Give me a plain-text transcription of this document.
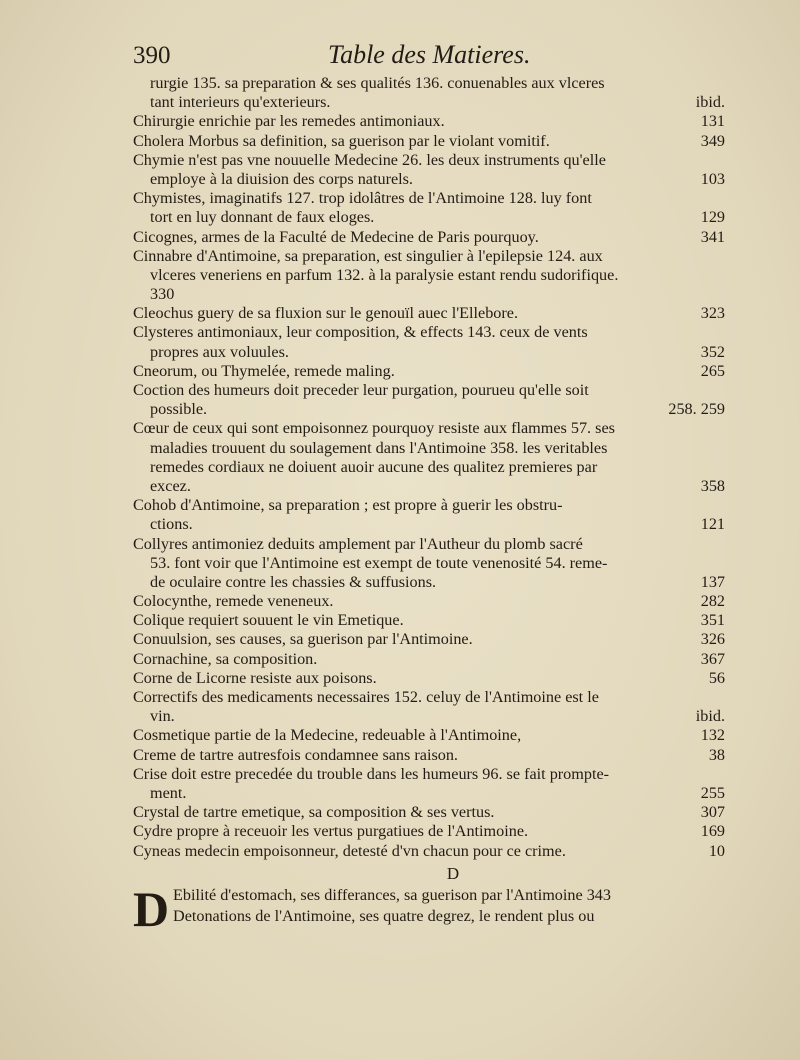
390	Table des Matieres.
rurgie 135. sa preparation & ses qualités 136. conuenables aux vlceres
tant interieurs qu'exterieurs.	ibid.
Chirurgie enrichie par les remedes antimoniaux.	131
Cholera Morbus sa definition, sa guerison par le violant vomitif.	349
Chymie n'est pas vne nouuelle Medecine 26. les deux instruments qu'elle
employe à la diuision des corps naturels.	103
Chymistes, imaginatifs 127. trop idolâtres de l'Antimoine 128. luy font
tort en luy donnant de faux eloges.	129
Cicognes, armes de la Faculté de Medecine de Paris pourquoy.	341
Cinnabre d'Antimoine, sa preparation, est singulier à l'epilepsie 124. aux
vlceres veneriens en parfum 132. à la paralysie estant rendu sudorifique.
330
Cleochus guery de sa fluxion sur le genouïl auec l'Ellebore.	323
Clysteres antimoniaux, leur composition, & effects 143. ceux de vents
propres aux voluules.	352
Cneorum, ou Thymelée, remede maling.	265
Coction des humeurs doit preceder leur purgation, pourueu qu'elle soit
possible.	258. 259
Cœur de ceux qui sont empoisonnez pourquoy resiste aux flammes 57. ses
maladies trouuent du soulagement dans l'Antimoine 358. les veritables
remedes cordiaux ne doiuent auoir aucune des qualitez premieres par
excez.	358
Cohob d'Antimoine, sa preparation ; est propre à guerir les obstru-
ctions.	121
Collyres antimoniez deduits amplement par l'Autheur du plomb sacré
53. font voir que l'Antimoine est exempt de toute venenosité 54. reme-
de oculaire contre les chassies & suffusions.	137
Colocynthe, remede veneneux.	282
Colique requiert souuent le vin Emetique.	351
Conuulsion, ses causes, sa guerison par l'Antimoine.	326
Cornachine, sa composition.	367
Corne de Licorne resiste aux poisons.	56
Correctifs des medicaments necessaires 152. celuy de l'Antimoine est le
vin.	ibid.
Cosmetique partie de la Medecine, redeuable à l'Antimoine,	132
Creme de tartre autresfois condamnee sans raison.	38
Crise doit estre precedée du trouble dans les humeurs 96. se fait prompte-
ment.	255
Crystal de tartre emetique, sa composition & ses vertus.	307
Cydre propre à receuoir les vertus purgatiues de l'Antimoine.	169
Cyneas medecin empoisonneur, detesté d'vn chacun pour ce crime.	10
D
D Ebilité d'estomach, ses differances, sa guerison par l'Antimoine 343
Detonations de l'Antimoine, ses quatre degrez, le rendent plus ou
